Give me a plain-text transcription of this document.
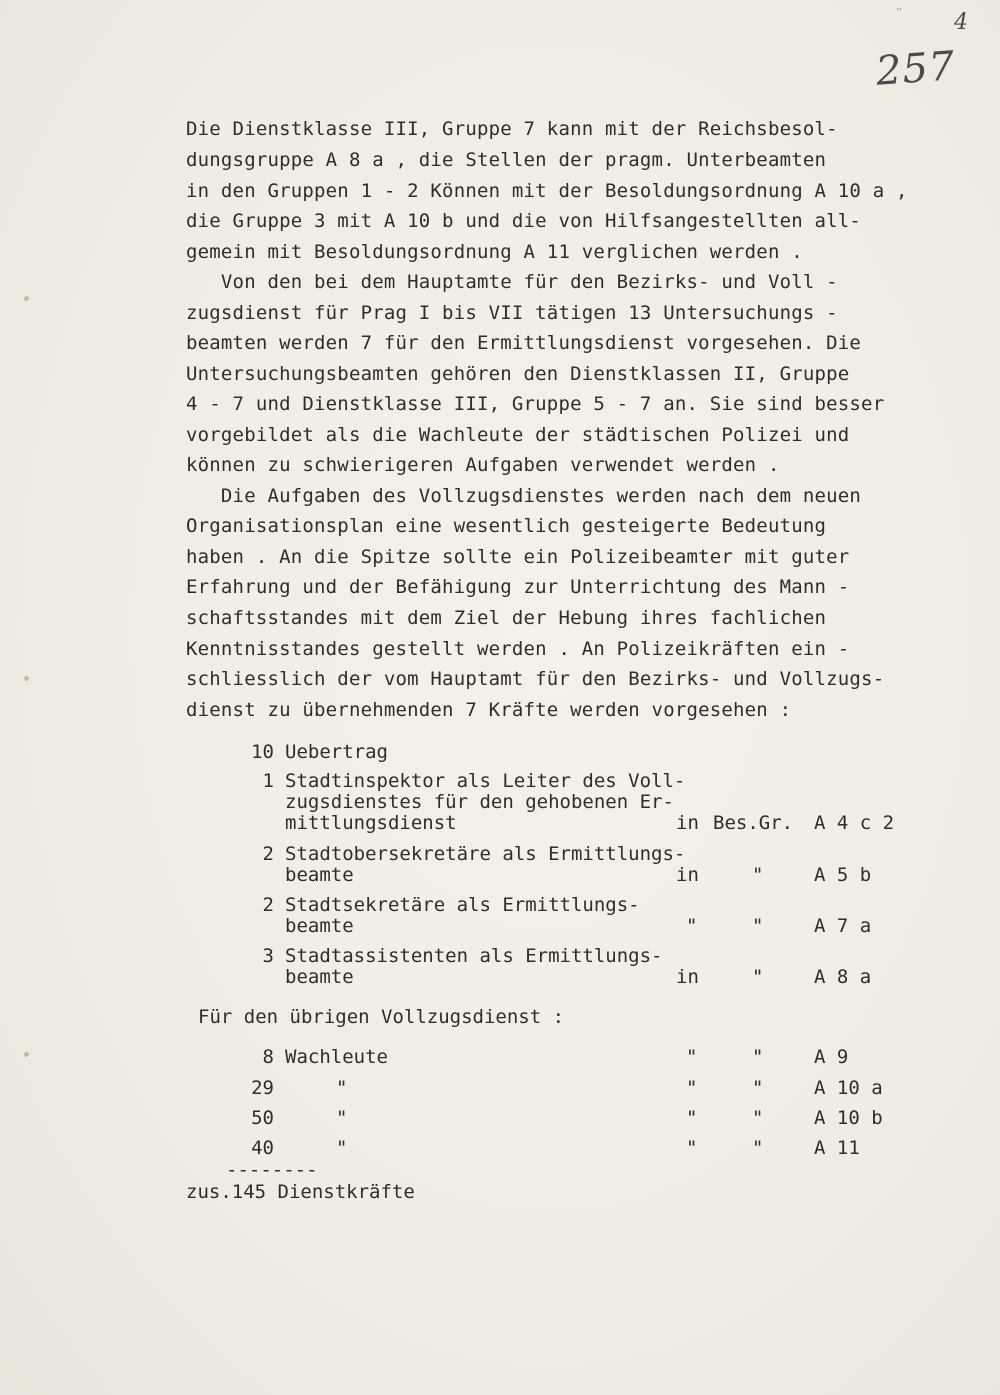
ʼʼ 4
257
Die Dienstklasse III, Gruppe 7 kann mit der Reichsbesol-
dungsgruppe A 8 a , die Stellen der pragm. Unterbeamten
in den Gruppen 1 - 2 Können mit der Besoldungsordnung A 10 a ,
die Gruppe 3 mit A 10 b und die von Hilfsangestellten all-
gemein mit Besoldungsordnung A 11 verglichen werden .
Von den bei dem Hauptamte für den Bezirks- und Voll -
zugsdienst für Prag I bis VII tätigen 13 Untersuchungs -
beamten werden 7 für den Ermittlungsdienst vorgesehen. Die
Untersuchungsbeamten gehören den Dienstklassen II, Gruppe
4 - 7 und Dienstklasse III, Gruppe 5 - 7 an. Sie sind besser
vorgebildet als die Wachleute der städtischen Polizei und
können zu schwierigeren Aufgaben verwendet werden .
Die Aufgaben des Vollzugsdienstes werden nach dem neuen
Organisationsplan eine wesentlich gesteigerte Bedeutung
haben . An die Spitze sollte ein Polizeibeamter mit guter
Erfahrung und der Befähigung zur Unterrichtung des Mann -
schaftsstandes mit dem Ziel der Hebung ihres fachlichen
Kenntnisstandes gestellt werden . An Polizeikräften ein -
schliesslich der vom Hauptamt für den Bezirks- und Vollzugs-
dienst zu übernehmenden 7 Kräfte werden vorgesehen :
10 Uebertrag
1 Stadtinspektor als Leiter des Voll-
zugsdienstes für den gehobenen Er-
mittlungsdienst	in Bes.Gr. A 4 c 2
2 Stadtobersekretäre als Ermittlungs-
beamte	in	"	A 5 b
2 Stadtsekretäre als Ermittlungs-
beamte	"	"	A 7 a
3 Stadtassistenten als Ermittlungs-
beamte	in	"	A 8 a
Für den übrigen Vollzugsdienst :
8 Wachleute	"	"	A 9
29	"	"	"	A 10 a
50	"	"	"	A 10 b
40	"	"	"	A 11
--------
zus.145 Dienstkräfte
